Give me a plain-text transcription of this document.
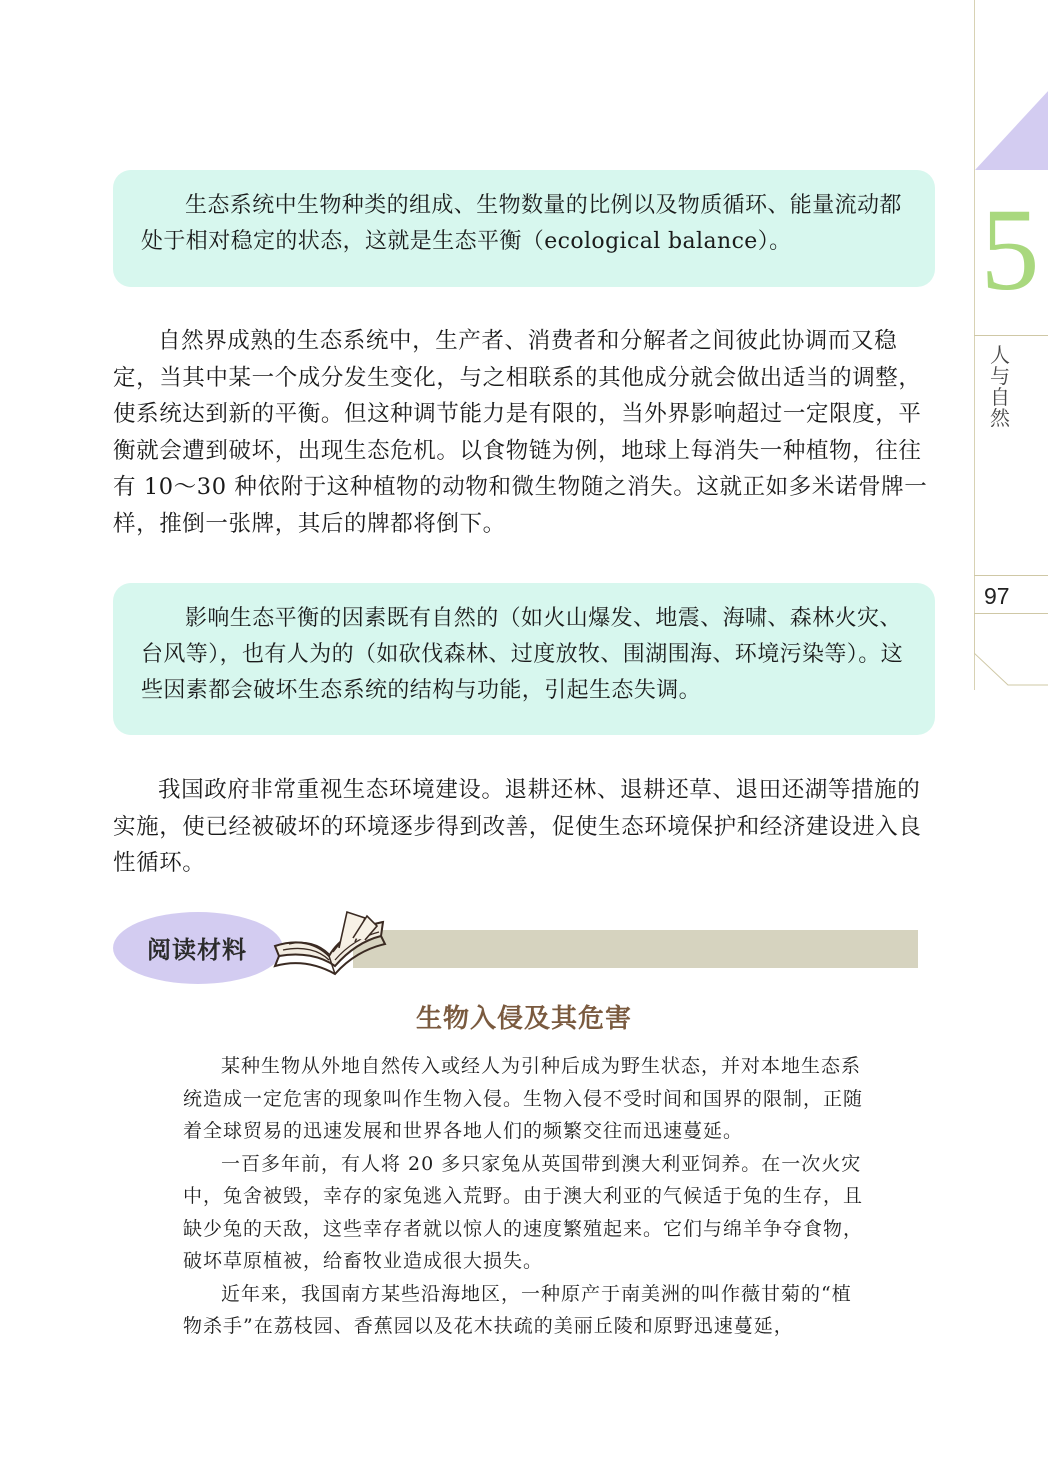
5
人与自然
97

生态系统中生物种类的组成、生物数量的比例以及物质循环、能量流动都处于相对稳定的状态，这就是生态平衡（ecological balance）。

自然界成熟的生态系统中，生产者、消费者和分解者之间彼此协调而又稳定，当其中某一个成分发生变化，与之相联系的其他成分就会做出适当的调整，使系统达到新的平衡。但这种调节能力是有限的，当外界影响超过一定限度，平衡就会遭到破坏，出现生态危机。以食物链为例，地球上每消失一种植物，往往有 10～30 种依附于这种植物的动物和微生物随之消失。这就正如多米诺骨牌一样，推倒一张牌，其后的牌都将倒下。

影响生态平衡的因素既有自然的（如火山爆发、地震、海啸、森林火灾、台风等），也有人为的（如砍伐森林、过度放牧、围湖围海、环境污染等）。这些因素都会破坏生态系统的结构与功能，引起生态失调。

我国政府非常重视生态环境建设。退耕还林、退耕还草、退田还湖等措施的实施，使已经被破坏的环境逐步得到改善，促使生态环境保护和经济建设进入良性循环。

阅读材料
生物入侵及其危害

某种生物从外地自然传入或经人为引种后成为野生状态，并对本地生态系统造成一定危害的现象叫作生物入侵。生物入侵不受时间和国界的限制，正随着全球贸易的迅速发展和世界各地人们的频繁交往而迅速蔓延。

一百多年前，有人将 20 多只家兔从英国带到澳大利亚饲养。在一次火灾中，兔舍被毁，幸存的家兔逃入荒野。由于澳大利亚的气候适于兔的生存，且缺少兔的天敌，这些幸存者就以惊人的速度繁殖起来。它们与绵羊争夺食物，破坏草原植被，给畜牧业造成很大损失。

近年来，我国南方某些沿海地区，一种原产于南美洲的叫作薇甘菊的“植物杀手”在荔枝园、香蕉园以及花木扶疏的美丽丘陵和原野迅速蔓延，
